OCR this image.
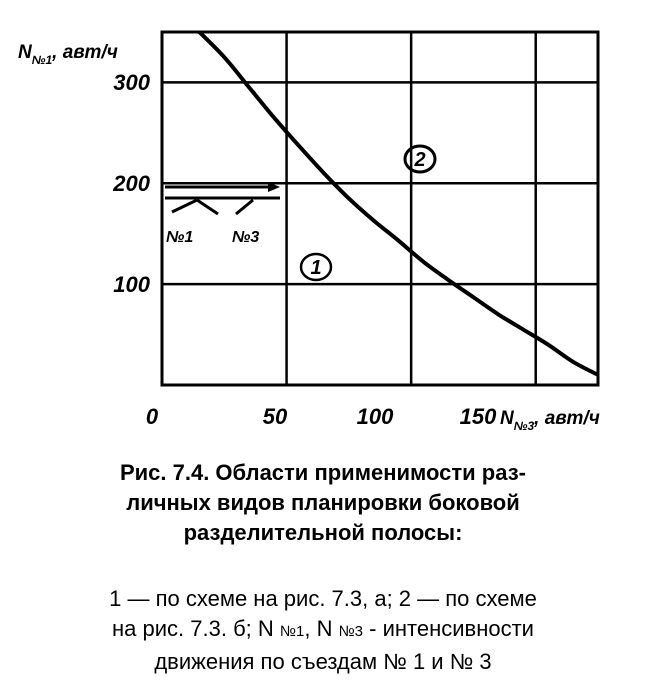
$N_{№1}$, авт/ч
300
200
100
0	50	100	150 $N_{№3}$, авт/ч
2
1
№1 №3
Рис. 7.4. Области применимости раз-
личных видов планировки боковой
разделительной полосы:
1 — по схеме на рис. 7.3, а; 2 — по схеме
на рис. 7.3. б; N №1, N №3 - интенсивности
движения по съездам № 1 и № 3
